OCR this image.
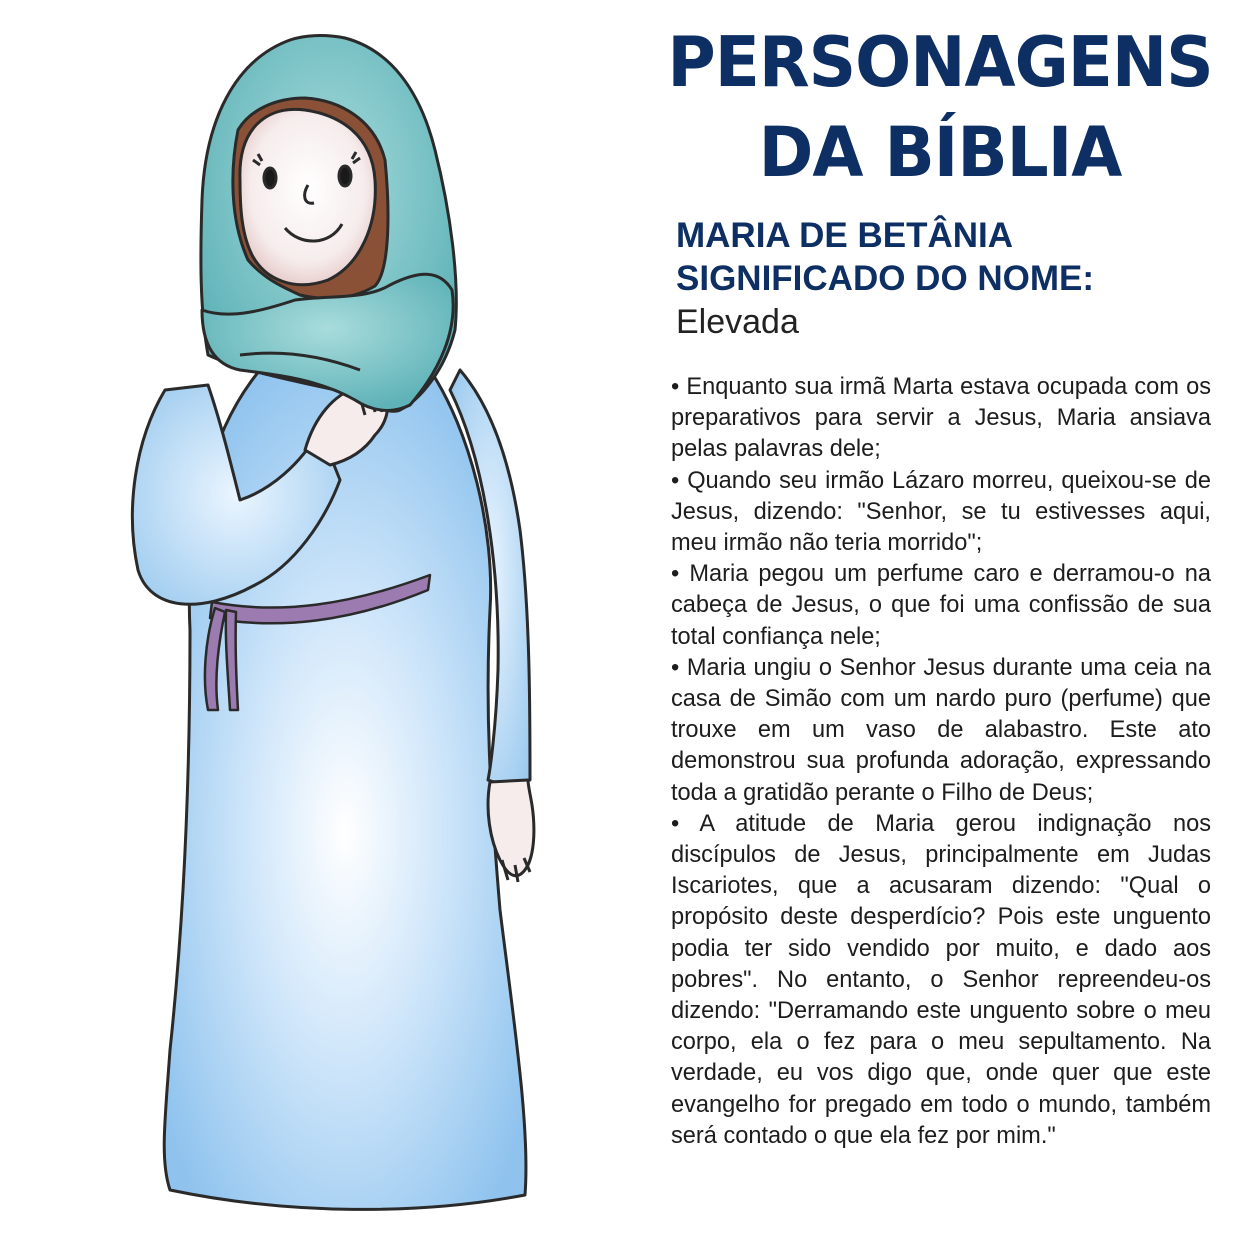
PERSONAGENS
DA BÍBLIA
MARIA DE BETÂNIA
SIGNIFICADO DO NOME:
Elevada

• Enquanto sua irmã Marta estava ocupada com os preparativos para servir a Jesus, Maria ansiava pelas palavras dele;

• Quando seu irmão Lázaro morreu, queixou-se de Jesus, dizendo: "Senhor, se tu estivesses aqui, meu irmão não teria morrido";

• Maria pegou um perfume caro e derramou-o na cabeça de Jesus, o que foi uma confissão de sua total confiança nele;

• Maria ungiu o Senhor Jesus durante uma ceia na casa de Simão com um nardo puro (perfume) que trouxe em um vaso de alabastro. Este ato demonstrou sua profunda adoração, expressando toda a gratidão perante o Filho de Deus;

• A atitude de Maria gerou indignação nos discípulos de Jesus, principalmente em Judas Iscariotes, que a acusaram dizendo: "Qual o propósito deste desperdício? Pois este unguento podia ter sido vendido por muito, e dado aos pobres". No entanto, o Senhor repreendeu-os dizendo: "Derramando este unguento sobre o meu corpo, ela o fez para o meu sepultamento. Na verdade, eu vos digo que, onde quer que este evangelho for pregado em todo o mundo, também será contado o que ela fez por mim."
